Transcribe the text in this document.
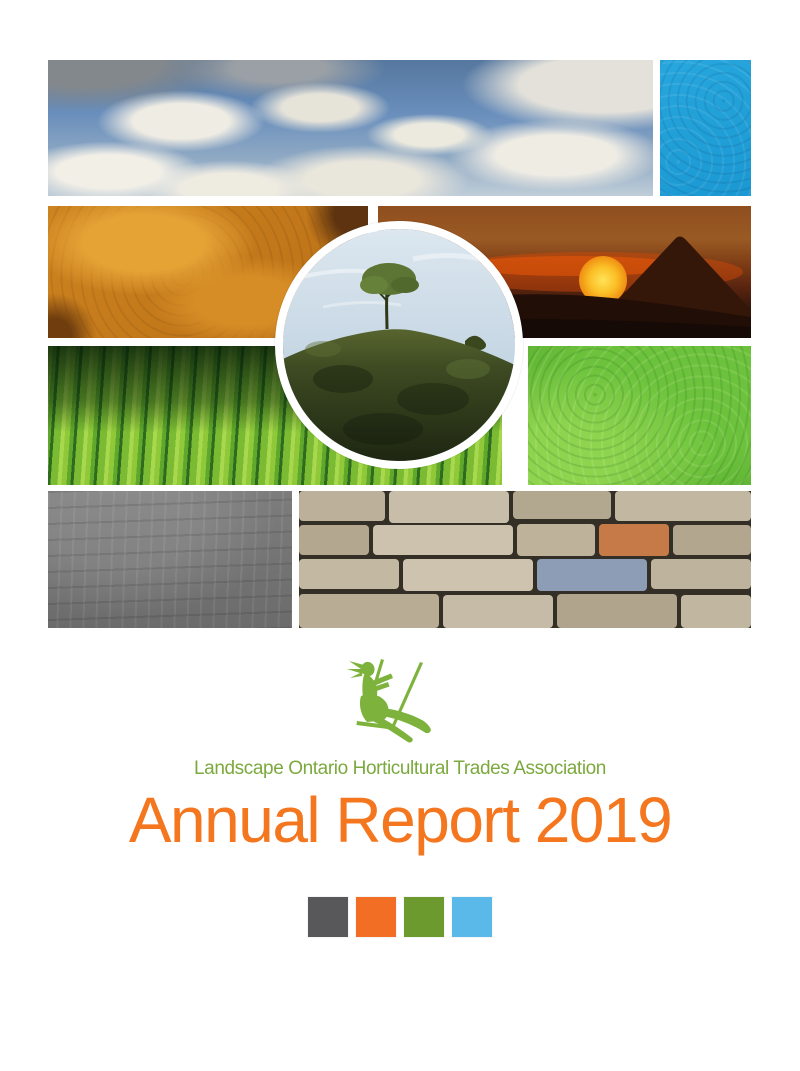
Landscape Ontario Horticultural Trades Association
Annual Report 2019
